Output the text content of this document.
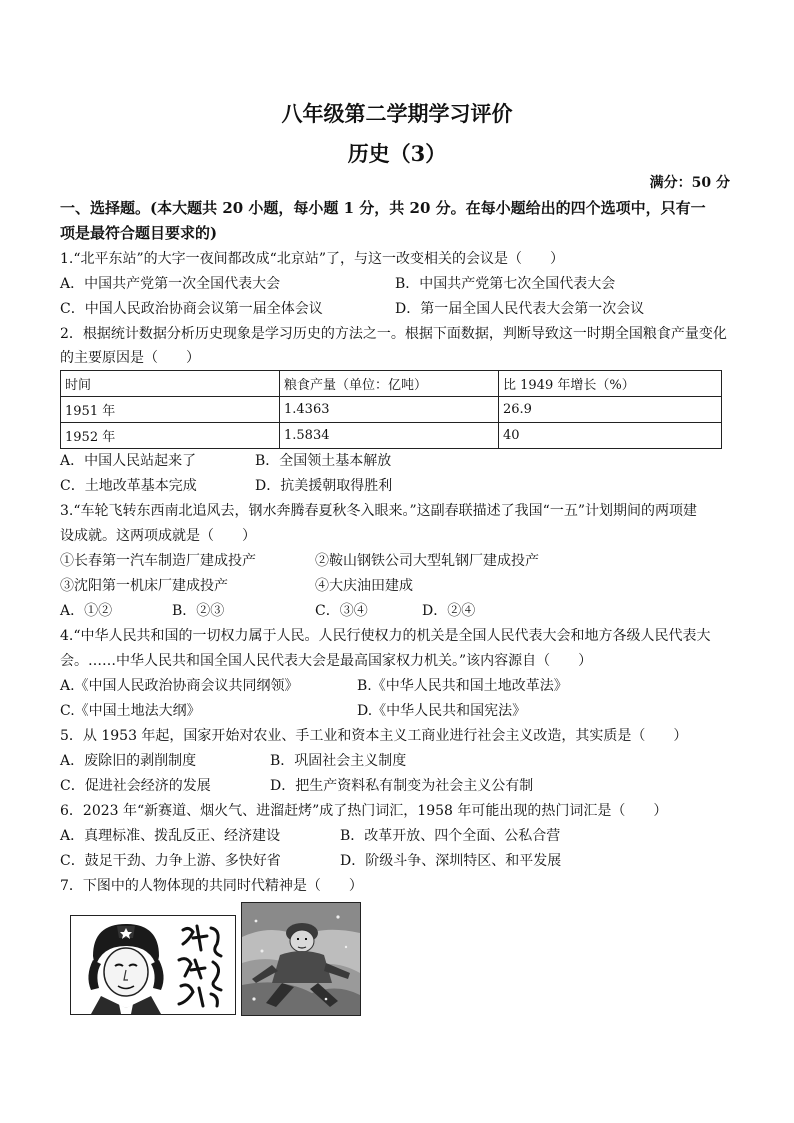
八年级第二学期学习评价
历史（3）
满分：50 分
一、选择题。(本大题共 20 小题，每小题 1 分，共 20 分。在每小题给出的四个选项中，只有一
项是最符合题目要求的)
1.“北平东站”的大字一夜间都改成“北京站”了，与这一改变相关的会议是（　　）
A．中国共产党第一次全国代表大会	B．中国共产党第七次全国代表大会
C．中国人民政治协商会议第一届全体会议	D．第一届全国人民代表大会第一次会议
2．根据统计数据分析历史现象是学习历史的方法之一。根据下面数据，判断导致这一时期全国粮食产量变化
的主要原因是（　　）
时间	粮食产量（单位：亿吨）	比 1949 年增长（%）
1951 年	1.4363	26.9
1952 年	1.5834	40
A．中国人民站起来了	B．全国领土基本解放
C．土地改革基本完成	D．抗美援朝取得胜利
3.“车轮飞转东西南北追风去，钢水奔腾春夏秋冬入眼来。”这副春联描述了我国“一五”计划期间的两项建
设成就。这两项成就是（　　）
①长春第一汽车制造厂建成投产	②鞍山钢铁公司大型轧钢厂建成投产
③沈阳第一机床厂建成投产	④大庆油田建成
A．①②	B．②③	C．③④	D．②④
4.“中华人民共和国的一切权力属于人民。人民行使权力的机关是全国人民代表大会和地方各级人民代表大
会。……中华人民共和国全国人民代表大会是最高国家权力机关。”该内容源自（　　）
A.《中国人民政治协商会议共同纲领》	B.《中华人民共和国土地改革法》
C.《中国土地法大纲》	D.《中华人民共和国宪法》
5．从 1953 年起，国家开始对农业、手工业和资本主义工商业进行社会主义改造，其实质是（　　）
A．废除旧的剥削制度	B．巩固社会主义制度
C．促进社会经济的发展	D．把生产资料私有制变为社会主义公有制
6．2023 年“新赛道、烟火气、进溜赶烤”成了热门词汇，1958 年可能出现的热门词汇是（　　）
A．真理标准、拨乱反正、经济建设	B．改革开放、四个全面、公私合营
C．鼓足干劲、力争上游、多快好省	D．阶级斗争、深圳特区、和平发展
7．下图中的人物体现的共同时代精神是（　　）
